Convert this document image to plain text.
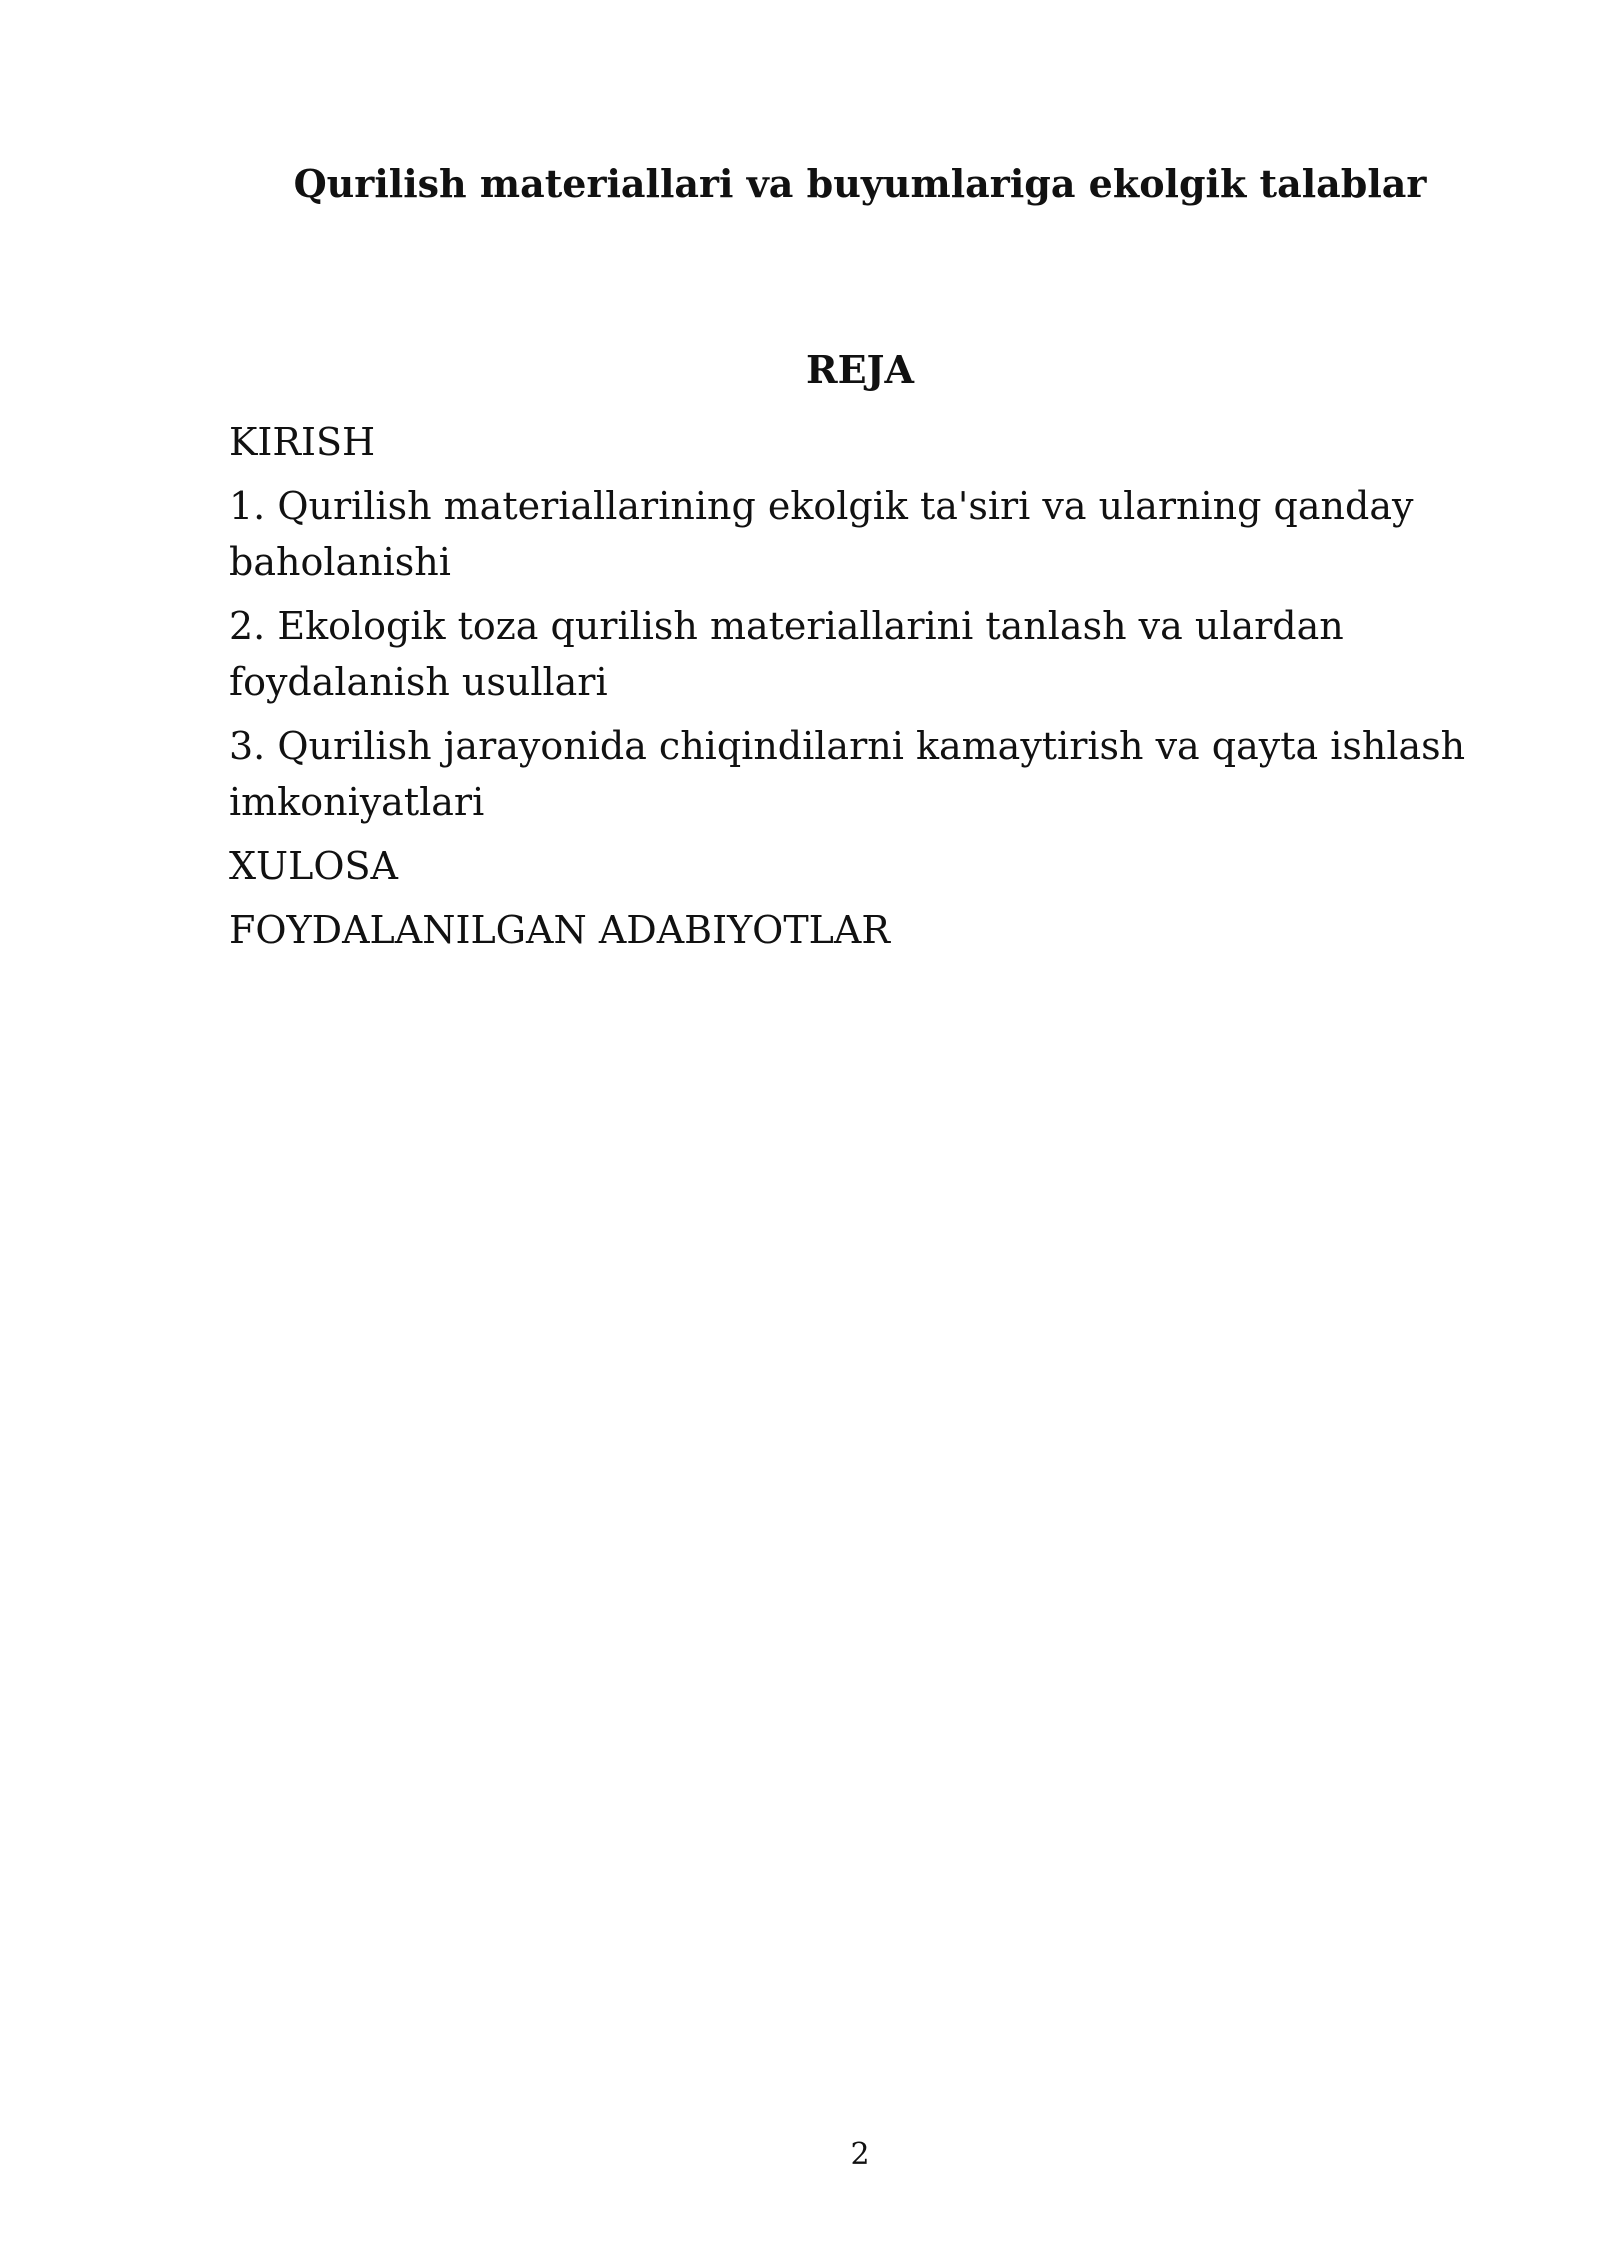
Qurilish materiallari va buyumlariga ekolgik talablar
REJA
KIRISH
1. Qurilish materiallarining ekolgik ta'siri va ularning qanday baholanishi
2. Ekologik toza qurilish materiallarini tanlash va ulardan foydalanish usullari
3. Qurilish jarayonida chiqindilarni kamaytirish va qayta ishlash imkoniyatlari
XULOSA
FOYDALANILGAN ADABIYOTLAR
2
